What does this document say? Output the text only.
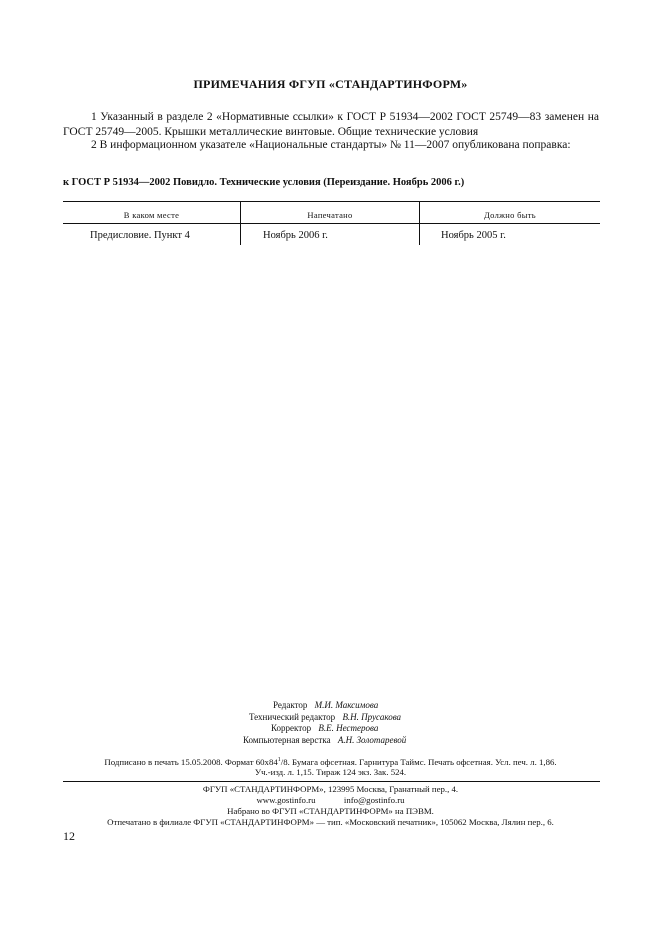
ПРИМЕЧАНИЯ ФГУП «СТАНДАРТИНФОРМ»
1 Указанный в разделе 2 «Нормативные ссылки» к ГОСТ Р 51934—2002 ГОСТ 25749—83 заменен на ГОСТ 25749—2005. Крышки металлические винтовые. Общие технические условия
2 В информационном указателе «Национальные стандарты» № 11—2007 опубликована поправка:
к ГОСТ Р 51934—2002 Повидло. Технические условия (Переиздание. Ноябрь 2006 г.)
В каком месте	Напечатано	Должно быть
Предисловие. Пункт 4	Ноябрь 2006 г.	Ноябрь 2005 г.
Редактор М.И. Максимова
Технический редактор В.Н. Прусакова
Корректор В.Е. Нестерова
Компьютерная верстка А.Н. Золотаревой
Подписано в печать 15.05.2008. Формат $60x84^1/8$. Бумага офсетная. Гарнитура Таймс. Печать офсетная. Усл. печ. л. 1,86.
Уч.-изд. л. 1,15. Тираж 124 экз. Зак. 524.
ФГУП «СТАНДАРТИНФОРМ», 123995 Москва, Гранатный пер., 4.
www.gostinfo.ru	info@gostinfo.ru
Набрано во ФГУП «СТАНДАРТИНФОРМ» на ПЭВМ.
Отпечатано в филиале ФГУП «СТАНДАРТИНФОРМ» — тип. «Московский печатник», 105062 Москва, Лялин пер., 6.
12
